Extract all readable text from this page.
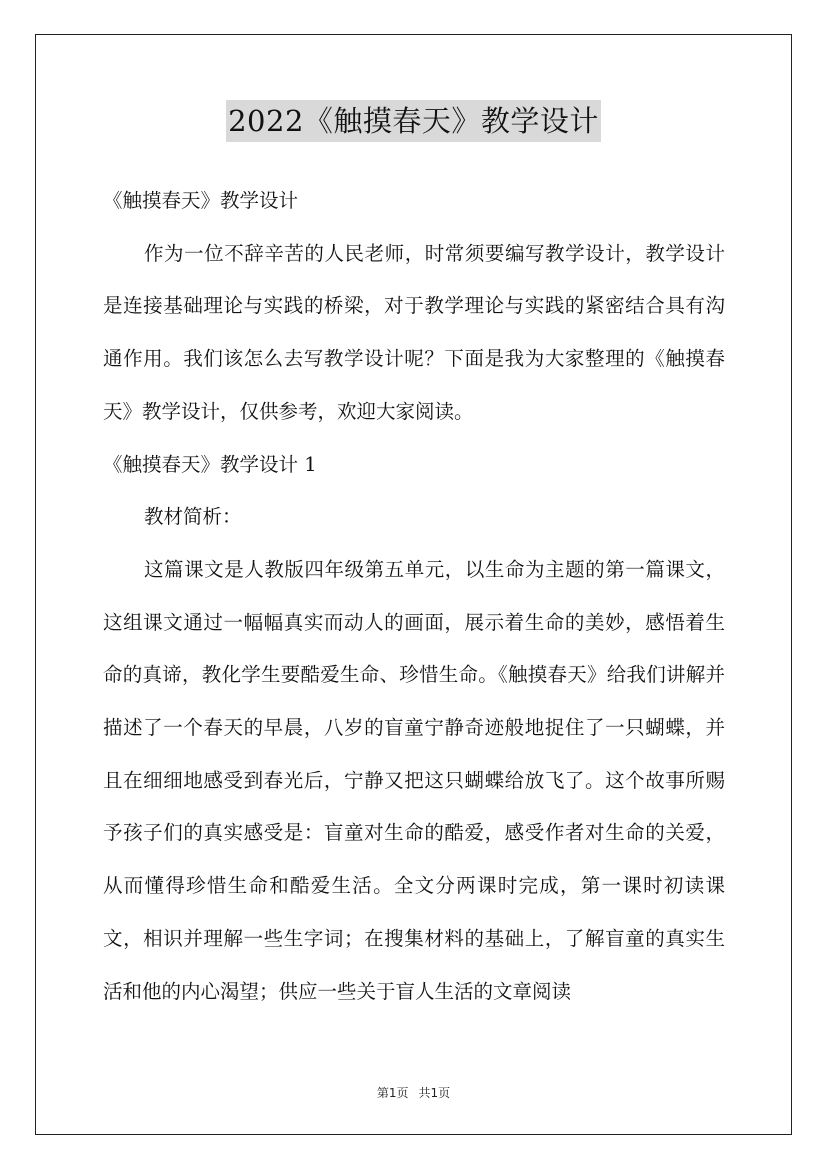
2022《触摸春天》教学设计

《触摸春天》教学设计

作为一位不辞辛苦的人民老师，时常须要编写教学设计，教学设计是连接基础理论与实践的桥梁，对于教学理论与实践的紧密结合具有沟通作用。我们该怎么去写教学设计呢？下面是我为大家整理的《触摸春天》教学设计，仅供参考，欢迎大家阅读。

《触摸春天》教学设计 1

教材简析：

这篇课文是人教版四年级第五单元，以生命为主题的第一篇课文，这组课文通过一幅幅真实而动人的画面，展示着生命的美妙，感悟着生命的真谛，教化学生要酷爱生命、珍惜生命。《触摸春天》给我们讲解并描述了一个春天的早晨，八岁的盲童宁静奇迹般地捉住了一只蝴蝶，并且在细细地感受到春光后，宁静又把这只蝴蝶给放飞了。这个故事所赐予孩子们的真实感受是：盲童对生命的酷爱，感受作者对生命的关爱，从而懂得珍惜生命和酷爱生活。全文分两课时完成，第一课时初读课文，相识并理解一些生字词；在搜集材料的基础上，了解盲童的真实生活和他的内心渴望；供应一些关于盲人生活的文章阅读

第1页 共1页
